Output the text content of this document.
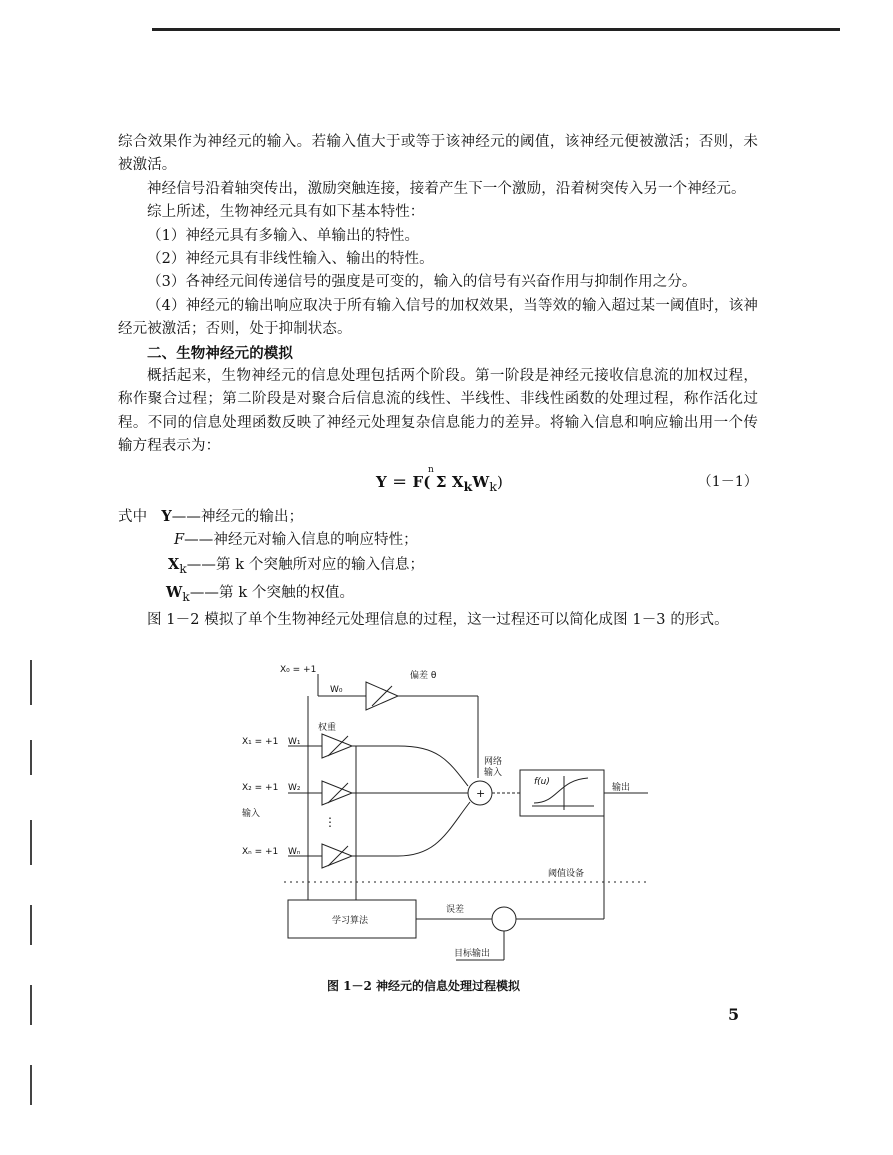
综合效果作为神经元的输入。若输入值大于或等于该神经元的阈值，该神经元便被激活；否则，未被激活。

神经信号沿着轴突传出，激励突触连接，接着产生下一个激励，沿着树突传入另一个神经元。

综上所述，生物神经元具有如下基本特性：

（1）神经元具有多输入、单输出的特性。

（2）神经元具有非线性输入、输出的特性。

（3）各神经元间传递信号的强度是可变的，输入的信号有兴奋作用与抑制作用之分。

（4）神经元的输出响应取决于所有输入信号的加权效果，当等效的输入超过某一阈值时，该神经元被激活；否则，处于抑制状态。

二、生物神经元的模拟

概括起来，生物神经元的信息处理包括两个阶段。第一阶段是神经元接收信息流的加权过程，称作聚合过程；第二阶段是对聚合后信息流的线性、半线性、非线性函数的处理过程，称作活化过程。不同的信息处理函数反映了神经元处理复杂信息能力的差异。将输入信息和响应输出用一个传输方程表示为：

Y ＝ F( Σ $X_kW_k$)
n
（1－1）

式中 Y——神经元的输出；

F——神经元对输入信息的响应特性；

$X_k——$第 k 个突触所对应的输入信息；

$W_k——$第 k 个突触的权值。

图 1－2 模拟了单个生物神经元处理信息的过程，这一过程还可以简化成图 1－3 的形式。

X₀ = +1
W₀
偏差 θ
权重
X₁ = +1 W₁
X₂ = +1 W₂
输入
⋮
Xₙ = +1 Wₙ
网络
输入
+
f(u)
输出
阈值设备
学习算法
误差
目标输出
图 1－2 神经元的信息处理过程模拟
5
